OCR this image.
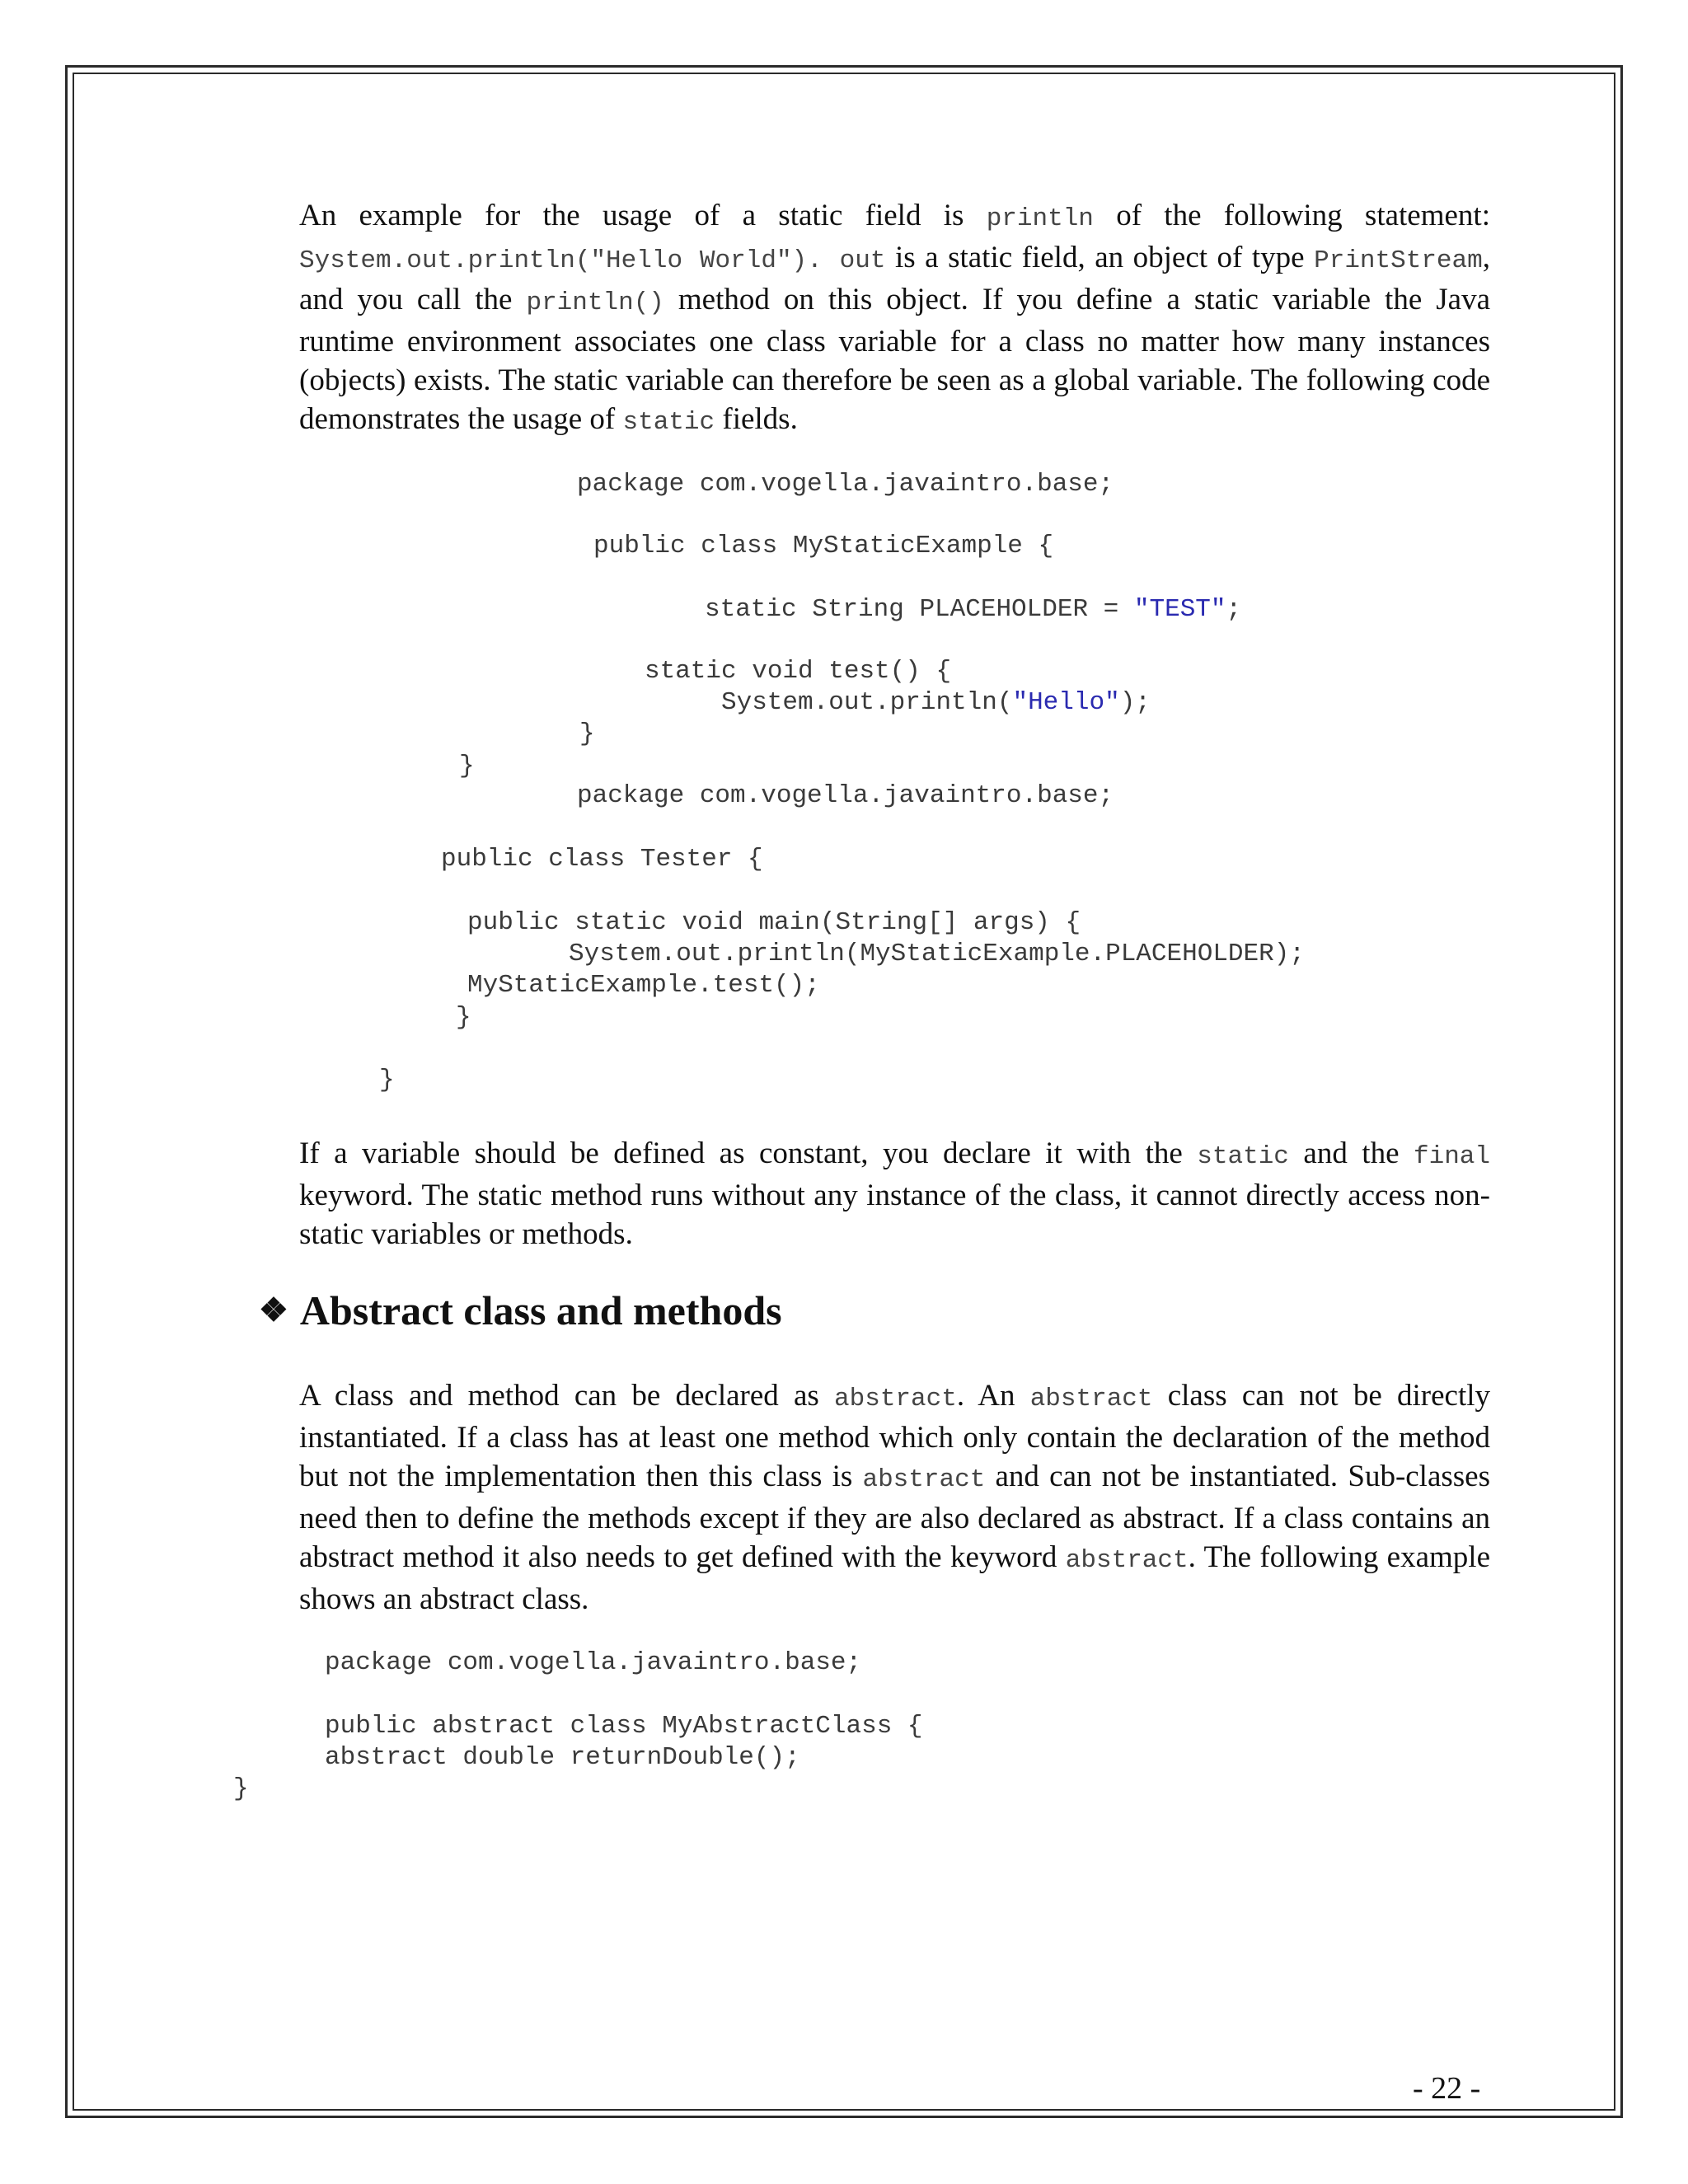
An example for the usage of a static field is println of the following statement: System.out.println("Hello World"). out is a static field, an object of type PrintStream, and you call the println() method on this object. If you define a static variable the Java runtime environment associates one class variable for a class no matter how many instances (objects) exists. The static variable can therefore be seen as a global variable. The following code demonstrates the usage of static fields.

package com.vogella.javaintro.base;

public class MyStaticExample {

static String PLACEHOLDER = "TEST";

static void test() {

System.out.println("Hello");

}

}

package com.vogella.javaintro.base;

public class Tester {

public static void main(String[] args) {

System.out.println(MyStaticExample.PLACEHOLDER);

MyStaticExample.test();

}

}

If a variable should be defined as constant, you declare it with the static and the final keyword. The static method runs without any instance of the class, it cannot directly access non-static variables or methods.

❖ Abstract class and methods

A class and method can be declared as abstract. An abstract class can not be directly instantiated. If a class has at least one method which only contain the declaration of the method but not the implementation then this class is abstract and can not be instantiated. Sub-classes need then to define the methods except if they are also declared as abstract. If a class contains an abstract method it also needs to get defined with the keyword abstract. The following example shows an abstract class.

package com.vogella.javaintro.base;

public abstract class MyAbstractClass {

abstract double returnDouble();

}

- 22 -
